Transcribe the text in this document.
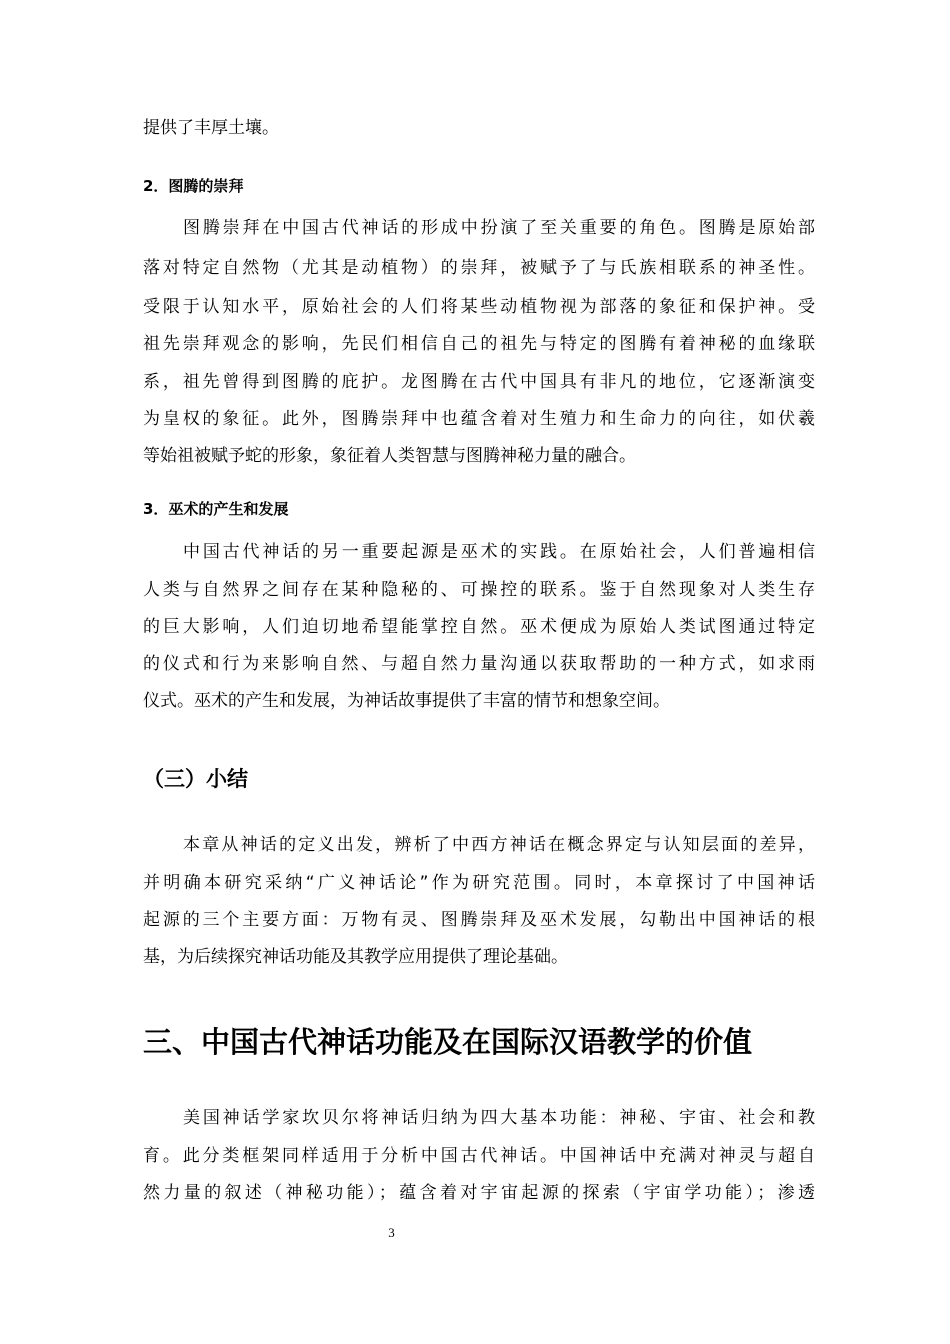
提供了丰厚土壤。
2．图腾的崇拜
图腾崇拜在中国古代神话的形成中扮演了至关重要的角色。图腾是原始部
落对特定自然物（尤其是动植物）的崇拜，被赋予了与氏族相联系的神圣性。
受限于认知水平，原始社会的人们将某些动植物视为部落的象征和保护神。受
祖先崇拜观念的影响，先民们相信自己的祖先与特定的图腾有着神秘的血缘联
系，祖先曾得到图腾的庇护。龙图腾在古代中国具有非凡的地位，它逐渐演变
为皇权的象征。此外，图腾崇拜中也蕴含着对生殖力和生命力的向往，如伏羲
等始祖被赋予蛇的形象，象征着人类智慧与图腾神秘力量的融合。
3．巫术的产生和发展
中国古代神话的另一重要起源是巫术的实践。在原始社会，人们普遍相信
人类与自然界之间存在某种隐秘的、可操控的联系。鉴于自然现象对人类生存
的巨大影响，人们迫切地希望能掌控自然。巫术便成为原始人类试图通过特定
的仪式和行为来影响自然、与超自然力量沟通以获取帮助的一种方式，如求雨
仪式。巫术的产生和发展，为神话故事提供了丰富的情节和想象空间。
（三）小结
本章从神话的定义出发，辨析了中西方神话在概念界定与认知层面的差异，
并明确本研究采纳“广义神话论”作为研究范围。同时，本章探讨了中国神话
起源的三个主要方面：万物有灵、图腾崇拜及巫术发展，勾勒出中国神话的根
基，为后续探究神话功能及其教学应用提供了理论基础。
三、中国古代神话功能及在国际汉语教学的价值
美国神话学家坎贝尔将神话归纳为四大基本功能：神秘、宇宙、社会和教
育。此分类框架同样适用于分析中国古代神话。中国神话中充满对神灵与超自
然力量的叙述（神秘功能）；蕴含着对宇宙起源的探索（宇宙学功能）；渗透
3
